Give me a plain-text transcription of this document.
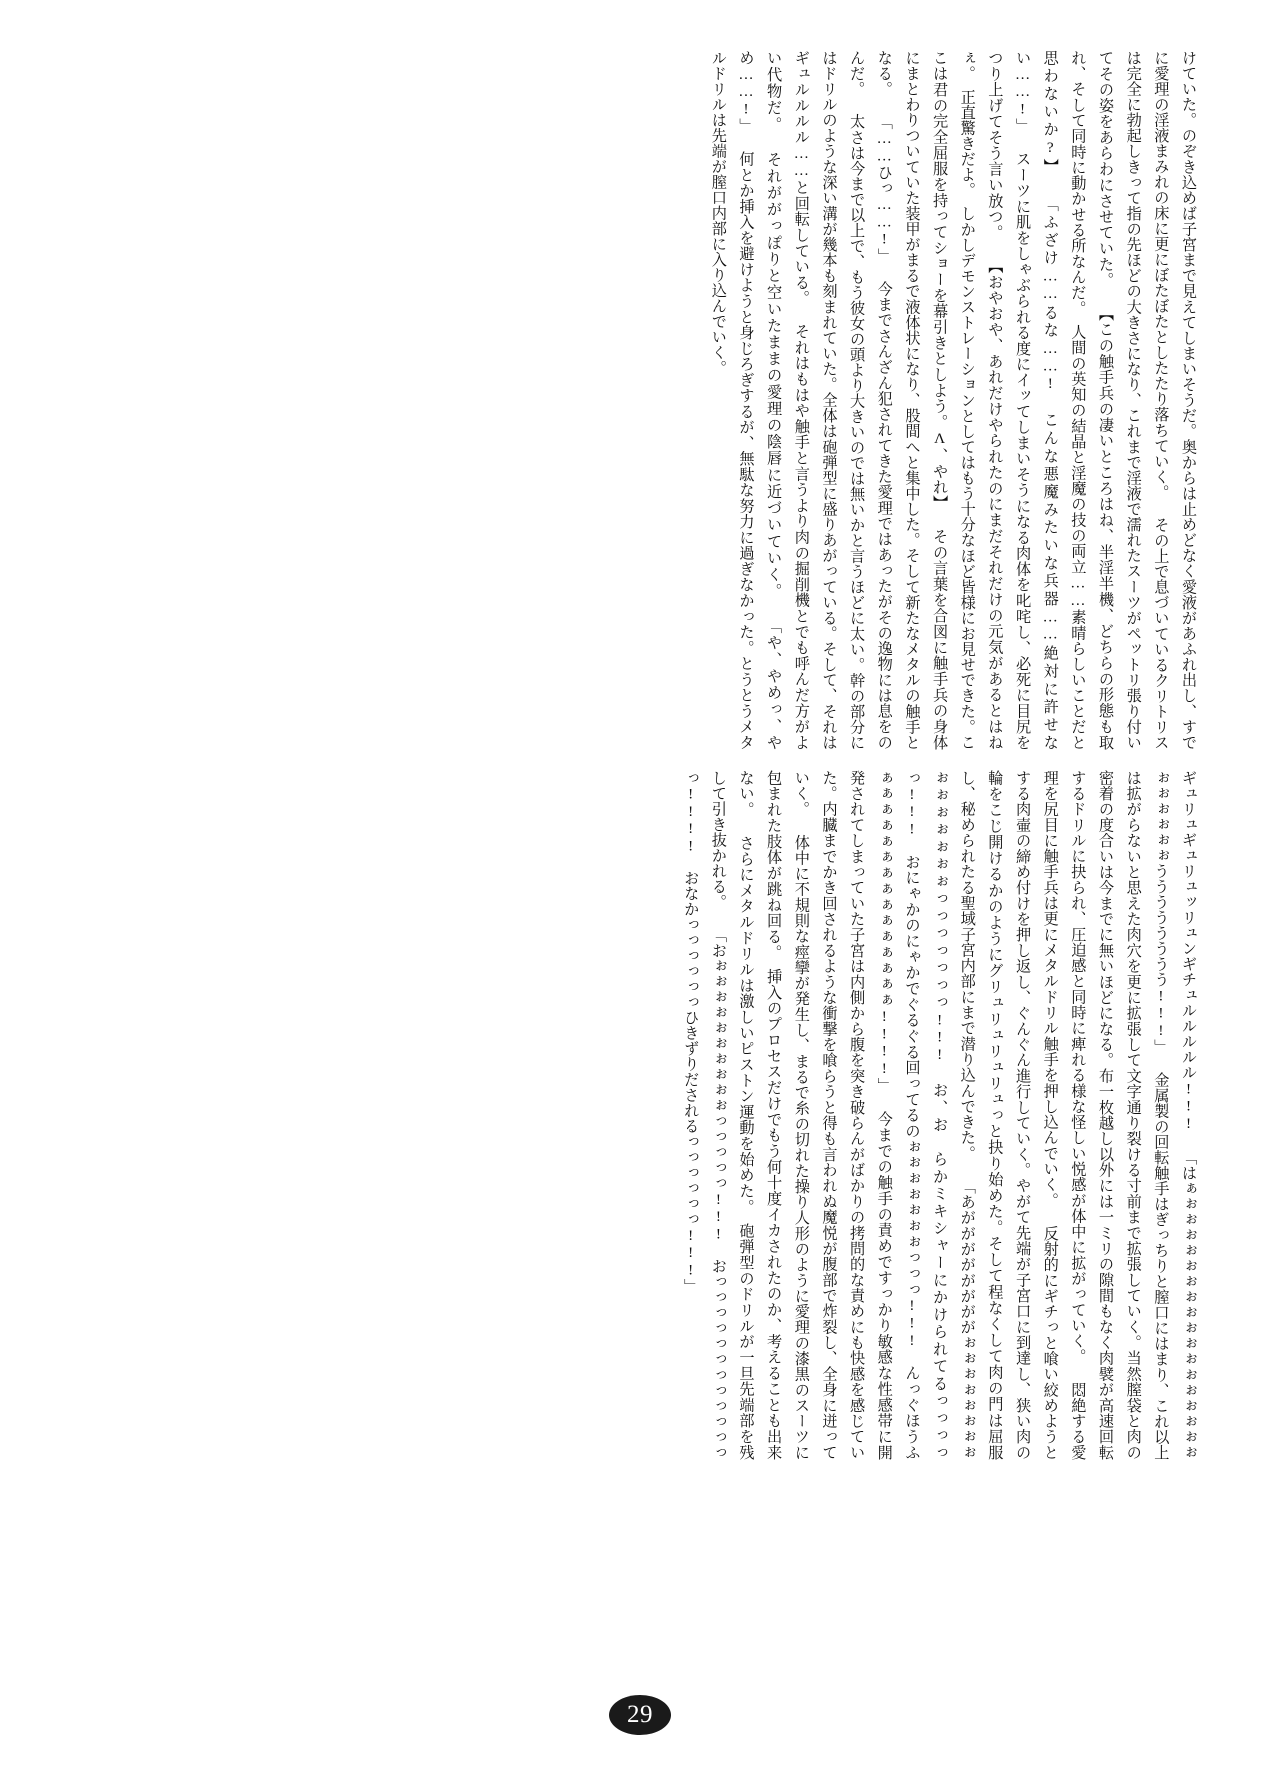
けていた。のぞき込めば子宮まで見えてしまいそうだ。奥からは止めどなく愛液があふれ出し、すでに愛理の淫液まみれの床に更にぼたぼたとしたたり落ちていく。 その上で息づいているクリトリスは完全に勃起しきって指の先ほどの大きさになり、これまで淫液で濡れたスーツがペットリ張り付いてその姿をあらわにさせていた。 【この触手兵の凄いところはね、半淫半機、どちらの形態も取れ、そして同時に動かせる所なんだ。　人間の英知の結晶と淫魔の技の両立……素晴らしいことだと思わないか?】 「ふざけ……るな……!　こんな悪魔みたいな兵器……絶対に許せない……!」 スーツに肌をしゃぶられる度にイッてしまいそうになる肉体を叱咤し、必死に目尻をつり上げてそう言い放つ。 【おやおや、あれだけやられたのにまだそれだけの元気があるとはねぇ。　正直驚きだよ。　しかしデモンストレーションとしてはもう十分なほど皆様にお見せできた。ここは君の完全屈服を持ってショーを幕引きとしよう。Λ、やれ】 その言葉を合図に触手兵の身体にまとわりついていた装甲がまるで液体状になり、股間へと集中した。そして新たなメタルの触手となる。 「……ひっ……!」 今までさんざん犯されてきた愛理ではあったがその逸物には息をのんだ。 太さは今まで以上で、もう彼女の頭より大きいのでは無いかと言うほどに太い。幹の部分にはドリルのような深い溝が幾本も刻まれていた。全体は砲弾型に盛りあがっている。そして、それはギュルルルル……と回転している。 それはもはや触手と言うより肉の掘削機とでも呼んだ方がよい代物だ。 それががっぽりと空いたままの愛理の陰唇に近づいていく。 「や、やめっ、やめ……!」 何とか挿入を避けようと身じろぎするが、無駄な努力に過ぎなかった。とうとうメタルドリルは先端が膣口内部に入り込んでいく。
ギュリュギュリュッリュンギチュルルルルル!!! 「はぁぉぉぉぉぉぉぉぉぉぉぉぉぉぉぉぉぉぉぉぉぉぉぉうううううううう!!!」 金属製の回転触手はぎっちりと膣口にはまり、これ以上は拡がらないと思えた肉穴を更に拡張して文字通り裂ける寸前まで拡張していく。当然膣袋と肉の密着の度合いは今までに無いほどになる。布一枚越し以外には一ミリの隙間もなく肉襞が高速回転するドリルに抉られ、圧迫感と同時に痺れる様な怪しい悦感が体中に拡がっていく。 悶絶する愛理を尻目に触手兵は更にメタルドリル触手を押し込んでいく。 反射的にギチっと喰い絞めようとする肉壷の締め付けを押し返し、ぐんぐん進行していく。やがて先端が子宮口に到達し、狭い肉の輪をこじ開けるかのようにグリュリュリュリュっと抉り始めた。そして程なくして肉の門は屈服し、秘められたる聖域子宮内部にまで潜り込んできた。 「あががががががががぉぉぉぉぉぉぉぉぉぉぉぉぉぉぉっっっっっっっ!!!　お、お　らかミキシャーにかけられてるっっっっっ!!!　おにゃかのにゃかでぐるぐる回ってるのぉぉぉぉぉぉぉっっっ!!!　んっぐほうふぁぁぁぁぁぁぁぁぁぁぁぁぁぁぁ!!!!」 今までの触手の責めですっかり敏感な性感帯に開発されてしまっていた子宮は内側から腹を突き破らんがばかりの拷問的な責めにも快感を感じていた。内臓までかき回されるような衝撃を喰らうと得も言われぬ魔悦が腹部で炸裂し、全身に迸っていく。 体中に不規則な痙攣が発生し、まるで糸の切れた操り人形のように愛理の漆黒のスーツに包まれた肢体が跳ね回る。　挿入のプロセスだけでもう何十度イカされたのか、考えることも出来ない。 さらにメタルドリルは激しいピストン運動を始めた。　砲弾型のドリルが一旦先端部を残して引き抜かれる。 「おぉぉぉぉぉぉぉぉぉぉっっっっっ!!!　おっっっっっっっっっっっっっ!!!!　おなかっっっっっっひきずりだされるっっっっっっ!!!」
29
